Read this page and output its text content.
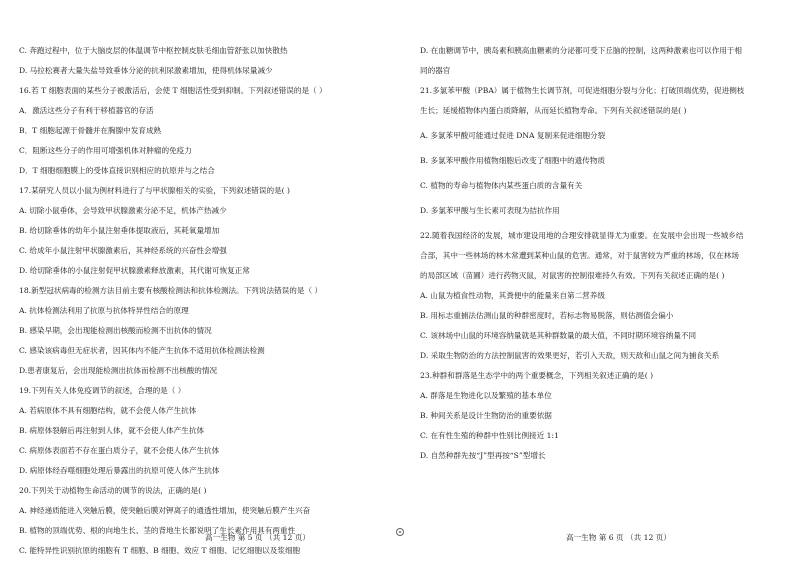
C. 奔跑过程中，位于大脑皮层的体温调节中枢控制皮肤毛细血管舒张以加快散热
D. 马拉松赛者大量失盐导致垂体分泌的抗利尿激素增加，使得机体尿量减少
16.若 T 细胞表面的某些分子被激活后，会使 T 细胞活性受到抑制。下列叙述错误的是（ ）
A．激活这些分子有利于移植器官的存活
B．T 细胞起源于骨髓并在胸腺中发育成熟
C．阻断这些分子的作用可增强机体对肿瘤的免疫力
D．T 细胞细胞膜上的受体直接识别相应的抗原并与之结合
17.某研究人员以小鼠为例材料进行了与甲状腺相关的实验，下列叙述错误的是( )
A. 切除小鼠垂体，会导致甲状腺激素分泌不足，机体产热减少
B. 给切除垂体的幼年小鼠注射垂体提取液后，其耗氧量增加
C. 给成年小鼠注射甲状腺激素后，其神经系统的兴奋性会增强
D. 给切除垂体的小鼠注射促甲状腺激素释放激素，其代谢可恢复正常
18.新型冠状病毒的检测方法目前主要有核酸检测法和抗体检测法。下列说法错误的是（ ）
A. 抗体检测法利用了抗原与抗体特异性结合的原理
B. 感染早期，会出现能检测出核酸而检测不出抗体的情况
C. 感染该病毒但无症状者，因其体内不能产生抗体不适用抗体检测法检测
D.患者康复后，会出现能检测出抗体而检测不出核酸的情况
19.下列有关人体免疫调节的叙述，合理的是（ ）
A. 若病原体不具有细胞结构，就不会使人体产生抗体
B. 病原体裂解后再注射到人体，就不会使人体产生抗体
C. 病原体表面若不存在蛋白质分子，就不会使人体产生抗体
D. 病原体经吞噬细胞处理后暴露出的抗原可使人体产生抗体
20.下列关于动植物生命活动的调节的说法，正确的是( )
A. 神经递质能进入突触后膜，使突触后膜对钾离子的通透性增加，使突触后膜产生兴奋
B. 植物的顶端优势、根的向地生长、茎的背地生长都说明了生长素作用具有两重性
C. 能特异性识别抗原的细胞有 T 细胞、B 细胞、效应 T 细胞、记忆细胞以及浆细胞
D. 在血糖调节中，胰岛素和胰高血糖素的分泌都可受下丘脑的控制，这两种激素也可以作用于相
同的器官
21.多氯苯甲酸（PBA）属于植物生长调节剂，可促进细胞分裂与分化；打破顶端优势，促进侧枝
生长；延缓植物体内蛋白质降解，从而延长植物寿命。下列有关叙述错误的是( )
A. 多氯苯甲酸可能通过促进 DNA 复制来促进细胞分裂
B. 多氯苯甲酸作用植物细胞后改变了细胞中的遗传物质
C. 植物的寿命与植物体内某些蛋白质的含量有关
D. 多氯苯甲酸与生长素可表现为拮抗作用
22.随着我国经济的发展，城市建设用地的合理安排就显得尤为重要。在发展中会出现一些城乡结
合部，其中一些林场的林木常遭到某种山鼠的危害。通常，对于鼠害较为严重的林场，仅在林场
的局部区域（苗圃）进行药物灭鼠，对鼠害的控制很难持久有效。下列有关叙述正确的是( )
A. 山鼠为植食性动物，其粪便中的能量来自第二营养级
B. 用标志重捕法估测山鼠的种群密度时，若标志物易脱落，则估测值会偏小
C. 该林场中山鼠的环境容纳量就是其种群数量的最大值，不同时期环境容纳量不同
D. 采取生物防治的方法控制鼠害的效果更好，若引入天敌，则天敌和山鼠之间为捕食关系
23.种群和群落是生态学中的两个重要概念，下列相关叙述正确的是( )
A. 群落是生物进化以及繁殖的基本单位
B. 种间关系是设计生物防治的重要依据
C. 在有性生殖的种群中性别比例接近 1:1
D. 自然种群先按“J”型再按“S”型增长
高一生物 第 5 页 （共 12 页）	高一生物 第 6 页 （共 12 页）
